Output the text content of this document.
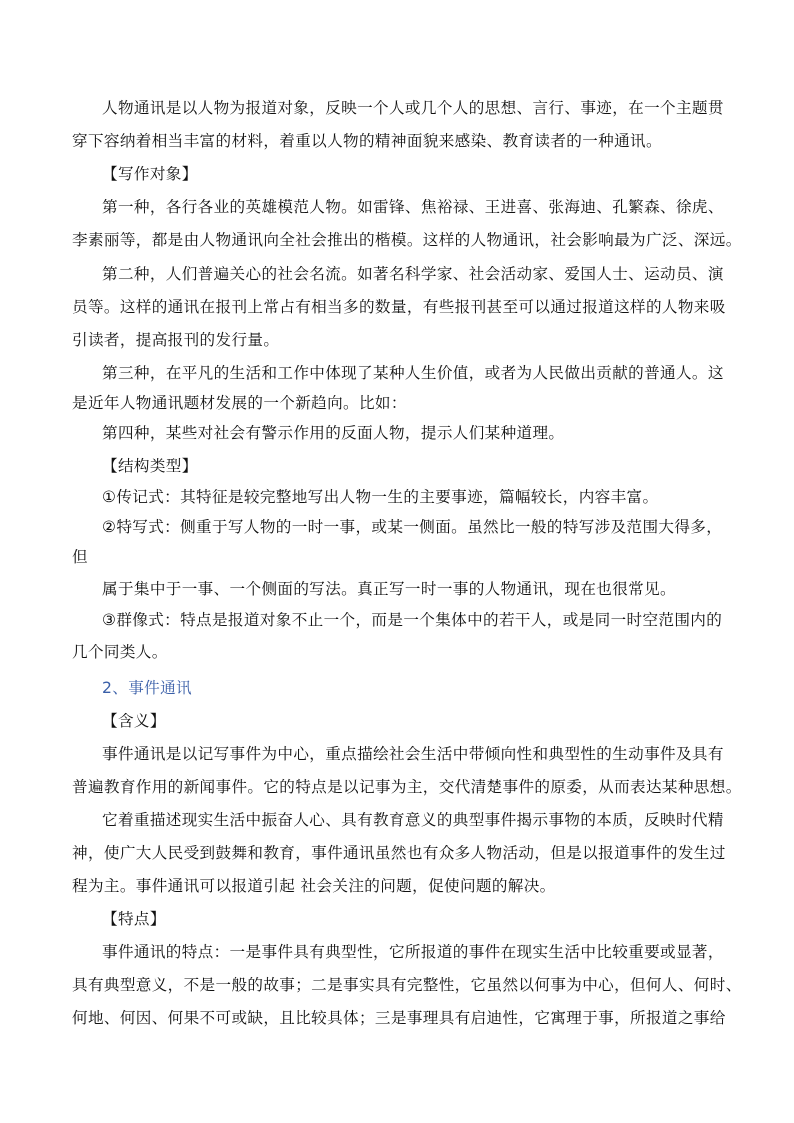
人物通讯是以人物为报道对象，反映一个人或几个人的思想、言行、事迹，在一个主题贯
穿下容纳着相当丰富的材料，着重以人物的精神面貌来感染、教育读者的一种通讯。
【写作对象】
第一种，各行各业的英雄模范人物。如雷锋、焦裕禄、王进喜、张海迪、孔繁森、徐虎、
李素丽等，都是由人物通讯向全社会推出的楷模。这样的人物通讯，社会影响最为广泛、深远。
第二种，人们普遍关心的社会名流。如著名科学家、社会活动家、爱国人士、运动员、演
员等。这样的通讯在报刊上常占有相当多的数量，有些报刊甚至可以通过报道这样的人物来吸
引读者，提高报刊的发行量。
第三种，在平凡的生活和工作中体现了某种人生价值，或者为人民做出贡献的普通人。这
是近年人物通讯题材发展的一个新趋向。比如：
第四种，某些对社会有警示作用的反面人物，提示人们某种道理。
【结构类型】
①传记式：其特征是较完整地写出人物一生的主要事迹，篇幅较长，内容丰富。
②特写式：侧重于写人物的一时一事，或某一侧面。虽然比一般的特写涉及范围大得多，
但
属于集中于一事、一个侧面的写法。真正写一时一事的人物通讯，现在也很常见。
③群像式：特点是报道对象不止一个，而是一个集体中的若干人，或是同一时空范围内的
几个同类人。
2、事件通讯
【含义】
事件通讯是以记写事件为中心，重点描绘社会生活中带倾向性和典型性的生动事件及具有
普遍教育作用的新闻事件。它的特点是以记事为主，交代清楚事件的原委，从而表达某种思想。
它着重描述现实生活中振奋人心、具有教育意义的典型事件揭示事物的本质，反映时代精
神，使广大人民受到鼓舞和教育，事件通讯虽然也有众多人物活动，但是以报道事件的发生过
程为主。事件通讯可以报道引起 社会关注的问题，促使问题的解决。
【特点】
事件通讯的特点：一是事件具有典型性，它所报道的事件在现实生活中比较重要或显著，
具有典型意义，不是一般的故事；二是事实具有完整性，它虽然以何事为中心，但何人、何时、
何地、何因、何果不可或缺，且比较具体；三是事理具有启迪性，它寓理于事，所报道之事给
